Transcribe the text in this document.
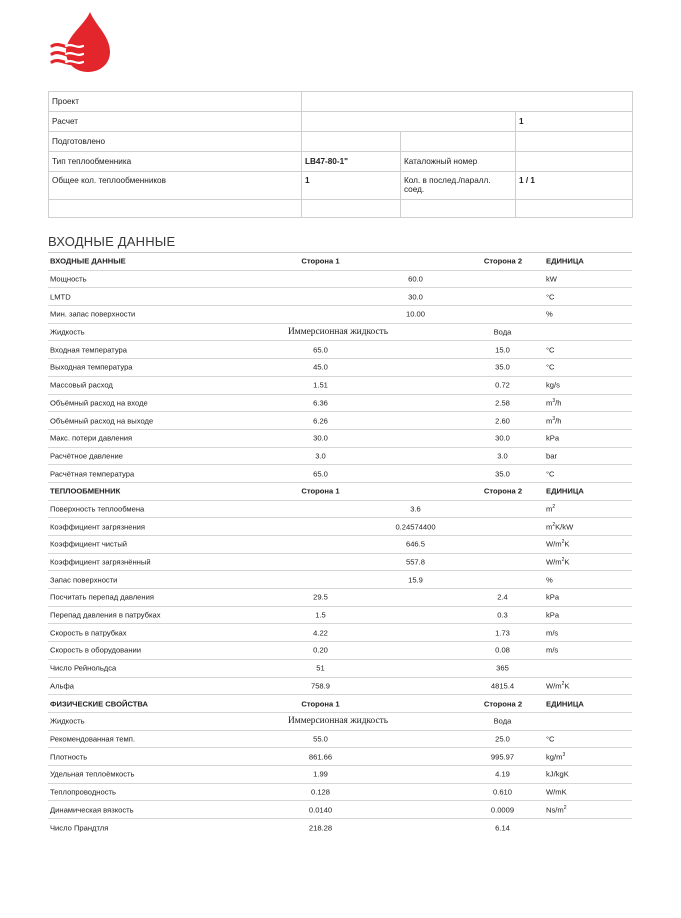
Проект			
Расчет			1
Подготовлено			
Тип теплообменника	LB47-80-1"	Каталожный номер	
Общее кол. теплообменников	1	Кол. в послед./паралл. соед.	1 / 1

ВХОДНЫЕ ДАННЫЕ
ВХОДНЫЕ ДАННЫЕ	Сторона 1	Сторона 2	ЕДИНИЦА
Мощность	60.0	kW
LMTD	30.0	°C
Мин. запас поверхности	10.00	%
Жидкость	Иммерсионная жидкость	Вода
Входная температура	65.0	15.0	°C
Выходная температура	45.0	35.0	°C
Массовый расход	1.51	0.72	kg/s
Объёмный расход на входе	6.36	2.58	$m^3/h$
Объёмный расход на выходе	6.26	2.60	$m^3/h$
Макс. потери давления	30.0	30.0	kPa
Расчётное давление	3.0	3.0	bar
Расчётная температура	65.0	35.0	°C
ТЕПЛООБМЕННИК	Сторона 1	Сторона 2	ЕДИНИЦА
Поверхность теплообмена	3.6	$m^2$
Коэффициент загрязнения	0.24574400	$m^2K/kW$
Коэффициент чистый	646.5	$W/m^2K$
Коэффициент загрязнённый	557.8	$W/m^2K$
Запас поверхности	15.9	%
Посчитать перепад давления	29.5	2.4	kPa
Перепад давления в патрубках	1.5	0.3	kPa
Скорость в патрубках	4.22	1.73	m/s
Скорость в оборудовании	0.20	0.08	m/s
Число Рейнольдса	51	365
Альфа	758.9	4815.4	$W/m^2K$
ФИЗИЧЕСКИЕ СВОЙСТВА	Сторона 1	Сторона 2	ЕДИНИЦА
Жидкость	Иммерсионная жидкость	Вода
Рекомендованная темп.	55.0	25.0	°C
Плотность	861.66	995.97	$kg/m^3$
Удельная теплоёмкость	1.99	4.19	kJ/kgK
Теплопроводность	0.128	0.610	W/mK
Динамическая вязкость	0.0140	0.0009	$Ns/m^2$
Число Прандтля	218.28	6.14
